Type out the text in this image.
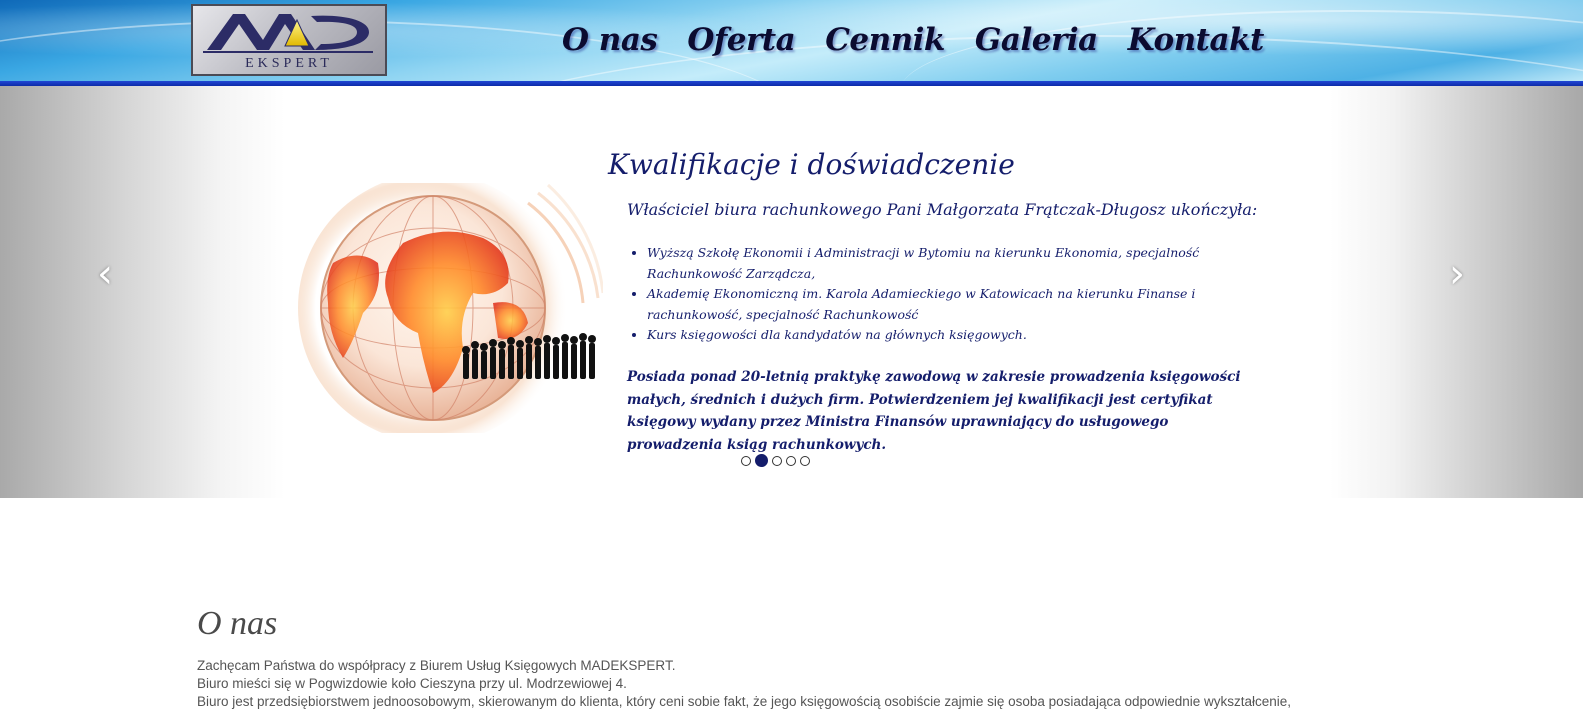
EKSPERT
O nas Oferta Cennik Galeria Kontakt
‹	›
Kwalifikacje i doświadczenie
Właściciel biura rachunkowego Pani Małgorzata Frątczak-Długosz ukończyła:
• Wyższą Szkołę Ekonomii i Administracji w Bytomiu na kierunku Ekonomia, specjalność Rachunkowość Zarządcza,
• Akademię Ekonomiczną im. Karola Adamieckiego w Katowicach na kierunku Finanse i rachunkowość, specjalność Rachunkowość
• Kurs księgowości dla kandydatów na głównych księgowych.
Posiada ponad 20-letnią praktykę zawodową w zakresie prowadzenia księgowości małych, średnich i dużych firm. Potwierdzeniem jej kwalifikacji jest certyfikat księgowy wydany przez Ministra Finansów uprawniający do usługowego prowadzenia ksiąg rachunkowych.
O nas
Zachęcam Państwa do współpracy z Biurem Usług Księgowych MADEKSPERT.
Biuro mieści się w Pogwizdowie koło Cieszyna przy ul. Modrzewiowej 4.
Biuro jest przedsiębiorstwem jednoosobowym, skierowanym do klienta, który ceni sobie fakt, że jego księgowością osobiście zajmie się osoba posiadająca odpowiednie wykształcenie,
